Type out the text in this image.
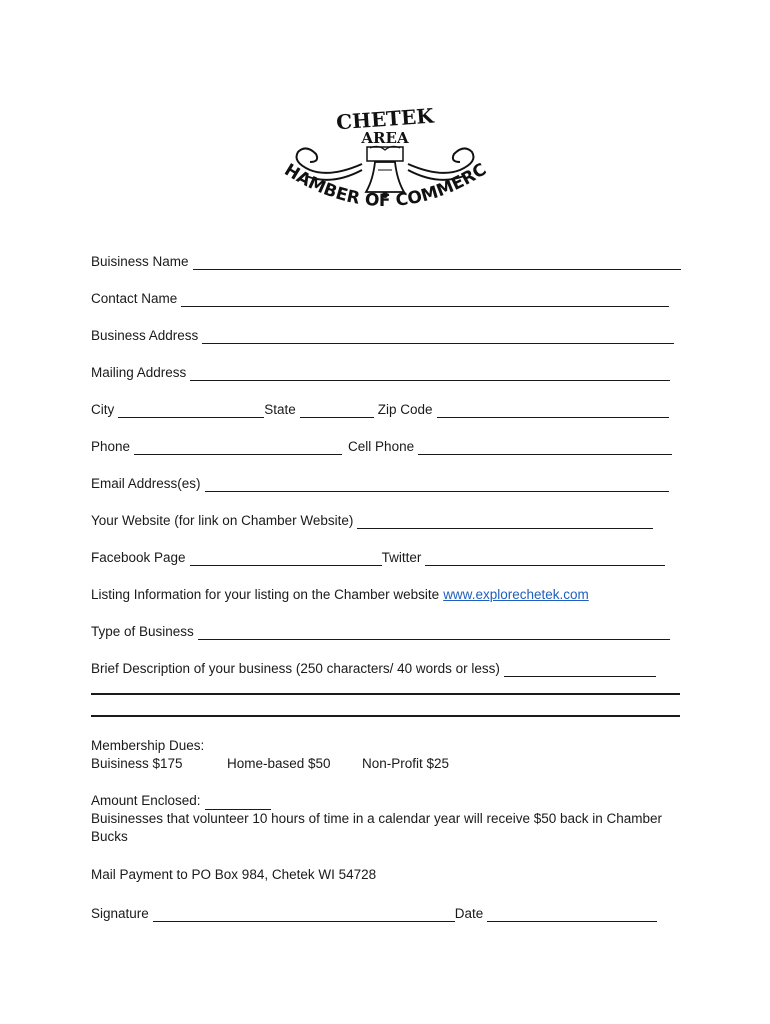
CHETEK
AREA
HAMBER OF COMMERC
Buisiness Name
Contact Name
Business Address
Mailing Address
City	State	Zip Code
Phone	Cell Phone
Email Address(es)
Your Website (for link on Chamber Website)
Facebook Page	Twitter
Listing Information for your listing on the Chamber website www.explorechetek.com
Type of Business
Brief Description of your business (250 characters/ 40 words or less)
Membership Dues:
Buisiness $175	Home-based $50 Non-Profit $25
Amount Enclosed:
Buisinesses that volunteer 10 hours of time in a calendar year will receive $50 back in Chamber
Bucks
Mail Payment to PO Box 984, Chetek WI 54728
Signature	Date
